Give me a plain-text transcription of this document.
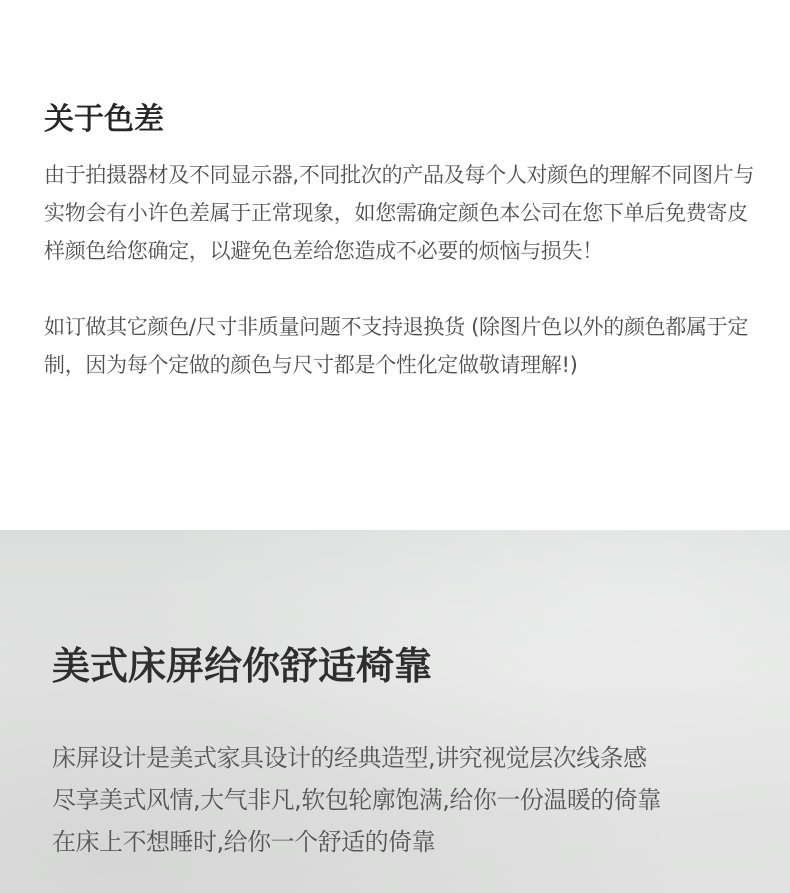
关于色差

由于拍摄器材及不同显示器,不同批次的产品及每个人对颜色的理解不同图片与实物会有小许色差属于正常现象，如您需确定颜色本公司在您下单后免费寄皮样颜色给您确定，以避免色差给您造成不必要的烦恼与损失！

如订做其它颜色/尺寸非质量问题不支持退换货 (除图片色以外的颜色都属于定制，因为每个定做的颜色与尺寸都是个性化定做敬请理解!)

美式床屏给你舒适椅靠
床屏设计是美式家具设计的经典造型,讲究视觉层次线条感
尽享美式风情,大气非凡,软包轮廓饱满,给你一份温暖的倚靠
在床上不想睡时,给你一个舒适的倚靠
